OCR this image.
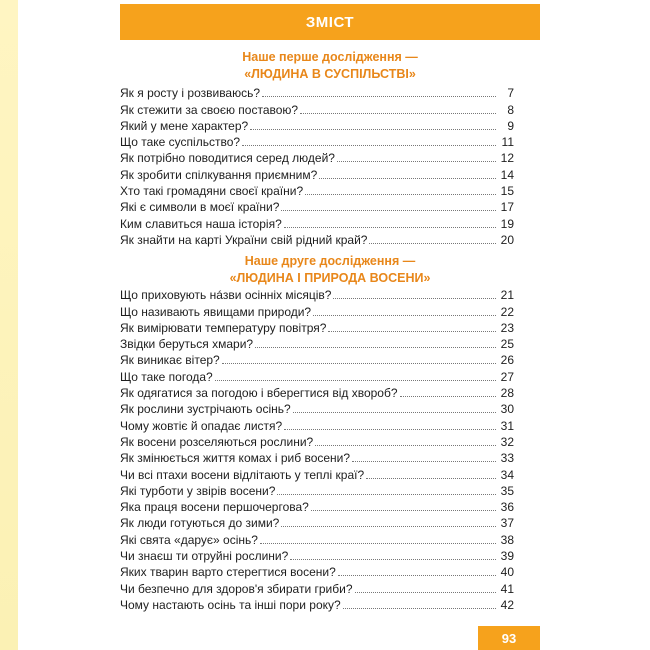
ЗМІСТ
Наше перше дослідження —
«ЛЮДИНА В СУСПІЛЬСТВІ»
Як я росту і розвиваюсь?	7
Як стежити за своєю поставою?	8
Який у мене характер?	9
Що таке суспільство?	11
Як потрібно поводитися серед людей?	12
Як зробити спілкування приємним?	14
Хто такі громадяни своєї країни?	15
Які є символи в моєї країни?	17
Ким славиться наша історія?	19
Як знайти на карті України свій рідний край?	20
Наше друге дослідження —
«ЛЮДИНА І ПРИРОДА ВОСЕНИ»
Що приховують нáзви осінніх місяців?	21
Що називають явищами природи?	22
Як вимірювати температуру повітря?	23
Звідки беруться хмари?	25
Як виникає вітер?	26
Що таке погода?	27
Як одягатися за погодою і вберегтися від хвороб?	28
Як рослини зустрічають осінь?	30
Чому жовтіє й опадає листя?	31
Як восени розселяються рослини?	32
Як змінюється життя комах і риб восени?	33
Чи всі птахи восени відлітають у теплі краї?	34
Які турботи у звірів восени?	35
Яка праця восени першочергова?	36
Як люди готуються до зими?	37
Які свята «дарує» осінь?	38
Чи знаєш ти отруйні рослини?	39
Яких тварин варто стерегтися восени?	40
Чи безпечно для здоров'я збирати гриби?	41
Чому настають осінь та інші пори року?	42
93
